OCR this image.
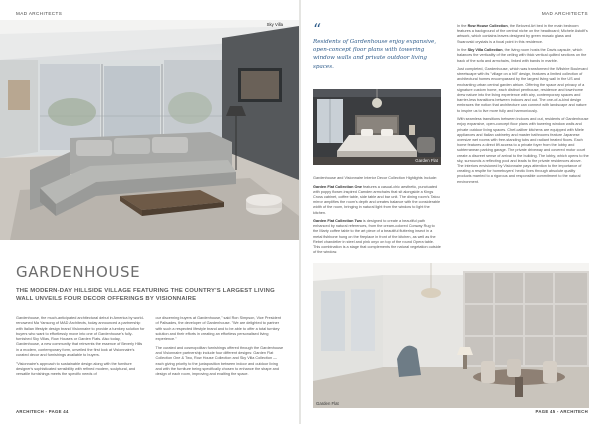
MAD ARCHITECTS
Sky Villa
GARDENHOUSE
THE MODERN-DAY HILLSIDE VILLAGE FEATURING THE COUNTRY'S LARGEST LIVING WALL UNVEILS FOUR DECOR OFFERINGS BY VISIONNAIRE

Gardenhouse, the much-anticipated architectural debut in America by world-renowned Ma Yansong of MAD Architects, today announced a partnership with Italian lifestyle design brand Visionnaire to provide a turnkey solution for buyers who want to effortlessly move into one of Gardenhouse's fully-furnished Sky Villas, Row Houses or Garden Flats. Also today, Gardenhouse, a new community that reinvents the essence of Beverly Hills in a modern, contemporary form, unveiled the first look at Visionnaire's curated decor and furnishings available to buyers.

"Visionnaire's approach to sustainable design along with the furniture designer's sophisticated sensibility with refined modern, sculptural, and versatile furnishings meets the specific needs of

our discerning buyers at Gardenhouse," said Ron Simpson, Vice President of Palisades, the developer of Gardenhouse. "We are delighted to partner with such a respected lifestyle brand and to be able to offer a total turnkey solution and their efforts in creating an effortless personalised living experience."

The curated and cosmopolitan furnishings offered through the Gardenhouse and Visionnaire partnership include four different designs: Garden Flat Collection One & Two, Row House Collection and Sky Villa Collection — each giving priority to the juxtaposition between indoor and outdoor living and with the furniture being specifically chosen to enhance the shape and design of each room, improving and exalting the space.

ARCHITECH - PAGE 44
MAD ARCHITECTS
“
Residents of Gardenhouse enjoy expansive, open-concept floor plans with towering window walls and private outdoor living spaces.
Garden Flat

Gardenhouse and Visionnaire Interior Decor Collection Highlights Include:

Garden Flat Collection One features a casual-chic aesthetic, punctuated with poppy flower-inspired Camden armchairs that sit alongside a Kings Cross cabinet, coffee table, side table and bar unit. The dining room's Tatou mirror amplifies the room's depth and creates balance with the considerable width of the room, bringing in natural light from the window to light the kitchen.

Garden Flat Collection Two is designed to create a beautiful path enhanced by natural references, from the cream-colored Conway Rug to the Marty coffee table to the art piece of a beautiful fluttering insect in a metal fishbone hung on the fireplace in front of the kitchen, as well as the Rebel chandelier in steel and pink onyx on top of the round Opera table. This combination is a stage that complements the natural vegetation outside of the window.

In the Row House Collection, the Beloved Art bed in the main bedroom features a background of the central niche on the headboard; Michele Astolfi's artwork, which contains leaves designed by green mosaic glass and Swarovski crystals is a focal point in this residence.

In the Sky Villa Collection, the living room hosts the Davis capsule, which balances the verticality of the ceiling with thick vertical quilted sections on the back of the sofa and armchairs, linked with bands in marble.

Just completed, Gardenhouse, which was transformed the Wilshire Boulevard streetscape with its "village on a hill" design, features a limited collection of architectural homes encompassed by the largest living wall in the US and enchanting urban central garden atrium. Offering the space and privacy of a signature custom home, each distinct penthouse, residence and townhome drew nature into the living experience with airy, contemporary spaces and barrier-less transitions between indoors and out. The one-of-a-kind design embraces the notion that architecture can connect with landscape and nature to inspire us to live more fully and harmoniously.

With seamless transitions between indoors and out, residents of Gardenhouse enjoy expansive, open-concept floor plans with towering window walls and private outdoor living spaces. Chef-caliber kitchens are equipped with Miele appliances and Italian cabinetry and master bathrooms feature Japanese oversize wet rooms with free-standing tubs and radiant heated floors. Each home features a direct lift access to a private foyer from the lobby and subterranean parking garage. The private driveway and covered motor court create a discreet sense of arrival to the building. The lobby, which opens to the sky, surrounds a reflecting pool and leads to the private residences above. The interiors envisioned by Visionnaire pays attention to the importance of creating a respite for homebuyers' hectic lives through absolute quality products married to a rigorous and responsible commitment to the natural environment.

Garden Flat
PAGE 45 - ARCHITECH
